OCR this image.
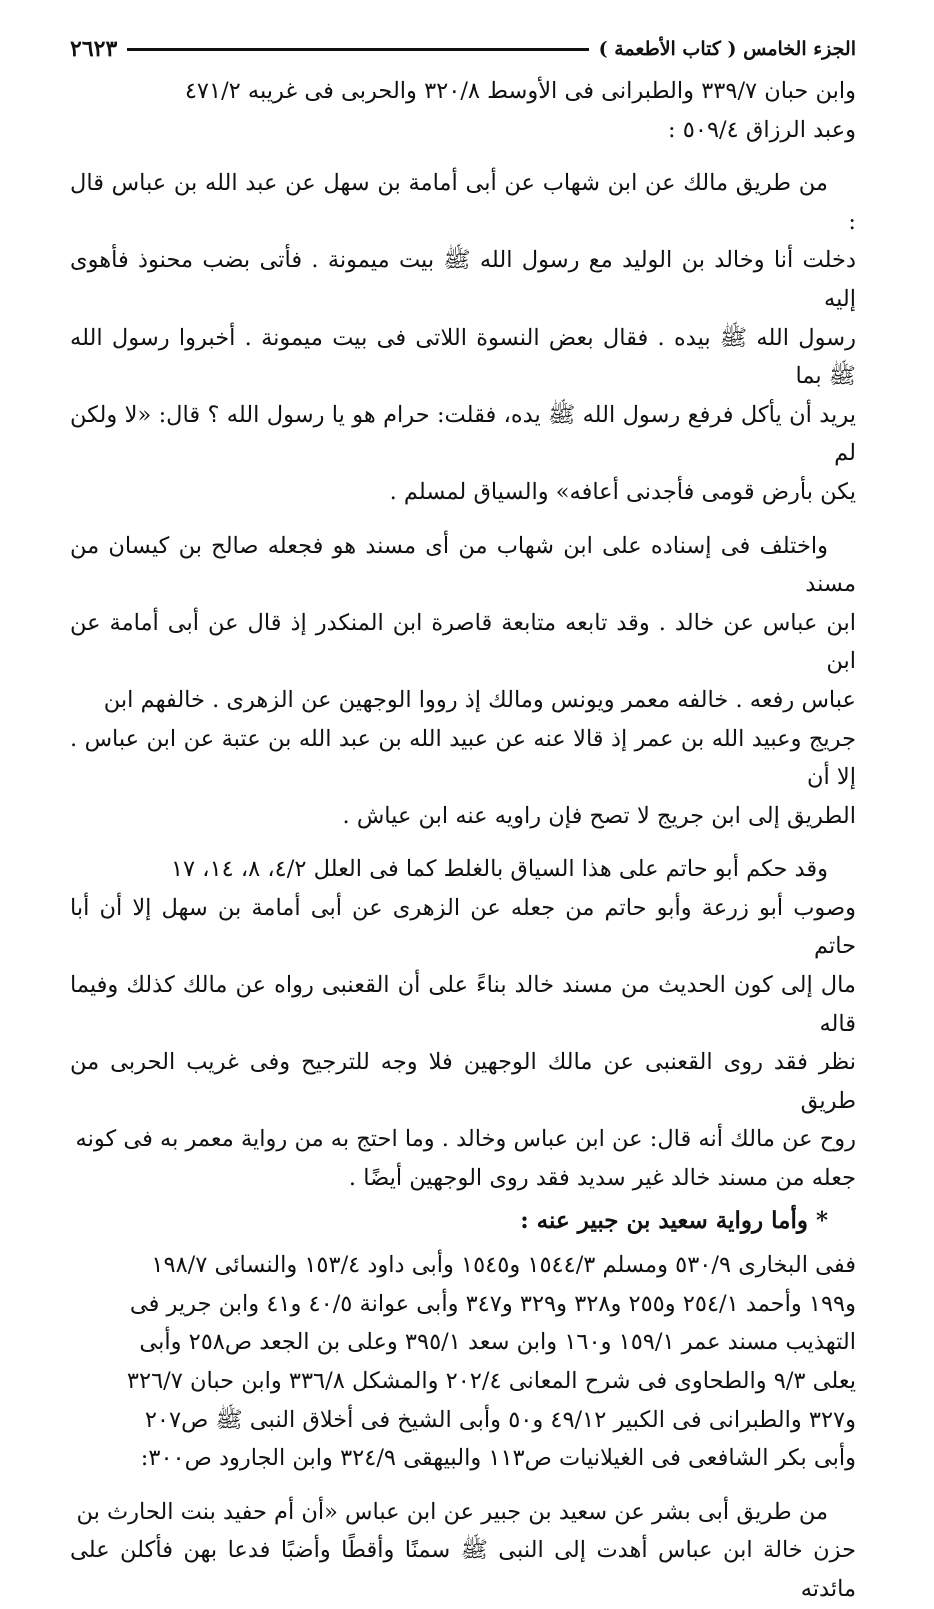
الجزء الخامس ( كتاب الأطعمة )
٢٦٢٣

وابن حبان ٣٣٩/٧ والطبرانى فى الأوسط ٣٢٠/٨ والحربى فى غريبه ٤٧١/٢
وعبد الرزاق ٥٠٩/٤ :

من طريق مالك عن ابن شهاب عن أبى أمامة بن سهل عن عبد الله بن عباس قال :
دخلت أنا وخالد بن الوليد مع رسول الله ﷺ بيت ميمونة . فأتى بضب محنوذ فأهوى إليه
رسول الله ﷺ بيده . فقال بعض النسوة اللاتى فى بيت ميمونة . أخبروا رسول الله ﷺ بما
يريد أن يأكل فرفع رسول الله ﷺ يده، فقلت: حرام هو يا رسول الله ؟ قال: «لا ولكن لم
يكن بأرض قومى فأجدنى أعافه» والسياق لمسلم .

واختلف فى إسناده على ابن شهاب من أى مسند هو فجعله صالح بن كيسان من مسند
ابن عباس عن خالد . وقد تابعه متابعة قاصرة ابن المنكدر إذ قال عن أبى أمامة عن ابن
عباس رفعه . خالفه معمر ويونس ومالك إذ رووا الوجهين عن الزهرى . خالفهم ابن
جريج وعبيد الله بن عمر إذ قالا عنه عن عبيد الله بن عبد الله بن عتبة عن ابن عباس . إلا أن
الطريق إلى ابن جريج لا تصح فإن راويه عنه ابن عياش .

وقد حكم أبو حاتم على هذا السياق بالغلط كما فى العلل ٤/٢، ٨، ١٤، ١٧
وصوب أبو زرعة وأبو حاتم من جعله عن الزهرى عن أبى أمامة بن سهل إلا أن أبا حاتم
مال إلى كون الحديث من مسند خالد بناءً على أن القعنبى رواه عن مالك كذلك وفيما قاله
نظر فقد روى القعنبى عن مالك الوجهين فلا وجه للترجيح وفى غريب الحربى من طريق
روح عن مالك أنه قال: عن ابن عباس وخالد . وما احتج به من رواية معمر به فى كونه
جعله من مسند خالد غير سديد فقد روى الوجهين أيضًا .

* وأما رواية سعيد بن جبير عنه :

ففى البخارى ٥٣٠/٩ ومسلم ١٥٤٤/٣ و١٥٤٥ وأبى داود ١٥٣/٤ والنسائى ١٩٨/٧
و١٩٩ وأحمد ٢٥٤/١ و٢٥٥ و٣٢٨ و٣٢٩ و٣٤٧ وأبى عوانة ٤٠/٥ و٤١ وابن جرير فى
التهذيب مسند عمر ١٥٩/١ و١٦٠ وابن سعد ٣٩٥/١ وعلى بن الجعد ص٢٥٨ وأبى
يعلى ٩/٣ والطحاوى فى شرح المعانى ٢٠٢/٤ والمشكل ٣٣٦/٨ وابن حبان ٣٢٦/٧
و٣٢٧ والطبرانى فى الكبير ٤٩/١٢ و٥٠ وأبى الشيخ فى أخلاق النبى ﷺ ص٢٠٧
وأبى بكر الشافعى فى الغيلانيات ص١١٣ والبيهقى ٣٢٤/٩ وابن الجارود ص٣٠٠:

من طريق أبى بشر عن سعيد بن جبير عن ابن عباس «أن أم حفيد بنت الحارث بن
حزن خالة ابن عباس أهدت إلى النبى ﷺ سمنًا وأقطًا وأضبًا فدعا بهن فأكلن على مائدته
